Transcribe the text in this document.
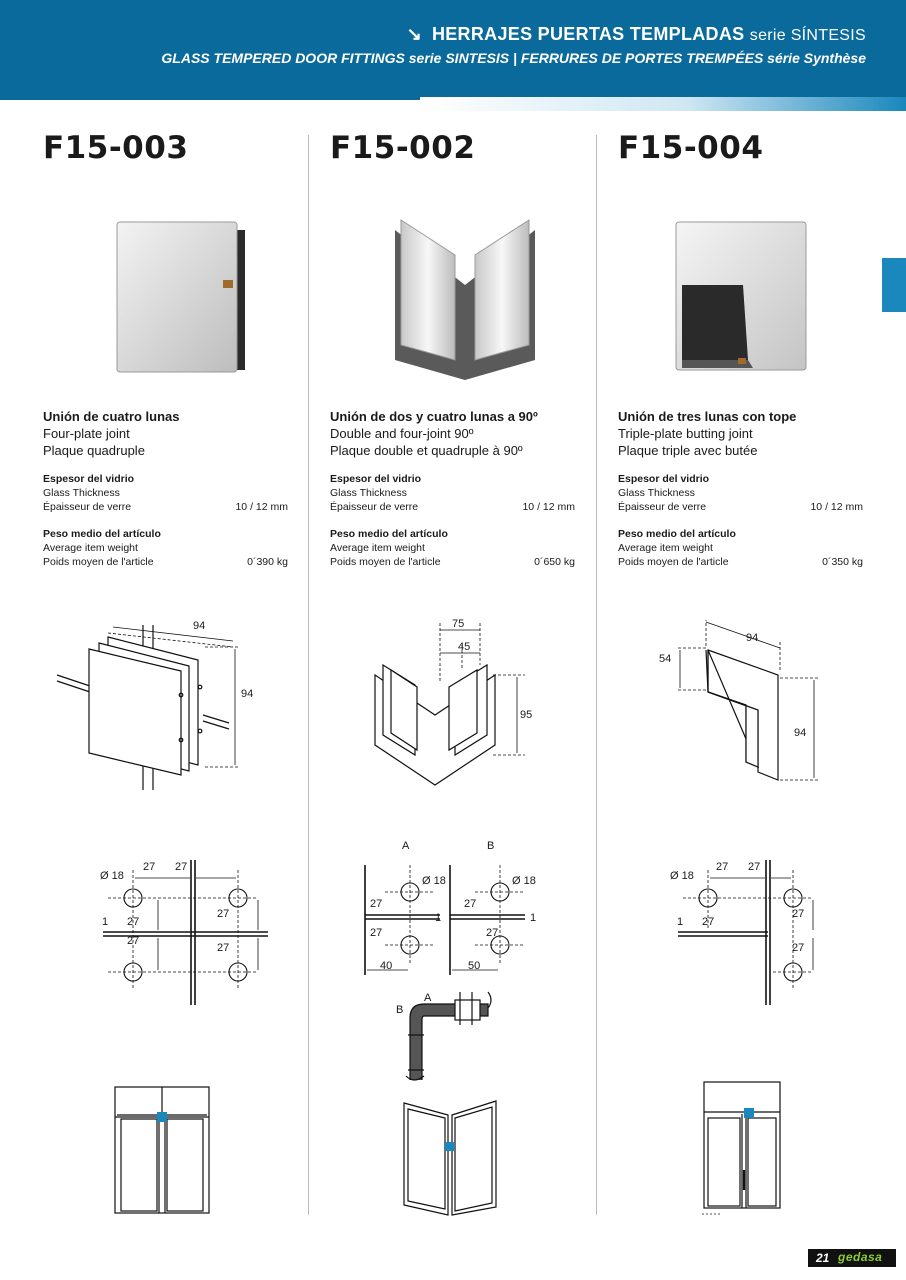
↘ HERRAJES PUERTAS TEMPLADAS serie SÍNTESIS
GLASS TEMPERED DOOR FITTINGS serie SINTESIS | FERRURES DE PORTES TREMPÉES série Synthèse
F15-003
Unión de cuatro lunas
Four-plate joint
Plaque quadruple
Espesor del vidrio
Glass Thickness
Épaisseur de verre	10 / 12 mm
Peso medio del artículo
Average item weight
Poids moyen de l'article	0´390 kg
94
94
Ø 18
27 27
27
27
27
27
1
F15-002
Unión de dos y cuatro lunas a 90º
Double and four-joint 90º
Plaque double et quadruple à 90º
Espesor del vidrio
Glass Thickness
Épaisseur de verre	10 / 12 mm
Peso medio del artículo
Average item weight
Poids moyen de l'article	0´650 kg
75
45
95
A	B
Ø 18	Ø 18
27
27
27
27
1	1
40	50
A
B
F15-004
Unión de tres lunas con tope
Triple-plate butting joint
Plaque triple avec butée
Espesor del vidrio
Glass Thickness
Épaisseur de verre	10 / 12 mm
Peso medio del artículo
Average item weight
Poids moyen de l'article	0´350 kg
94
54
94
Ø 18
27 27
27
27
27
1
21 gedasa
